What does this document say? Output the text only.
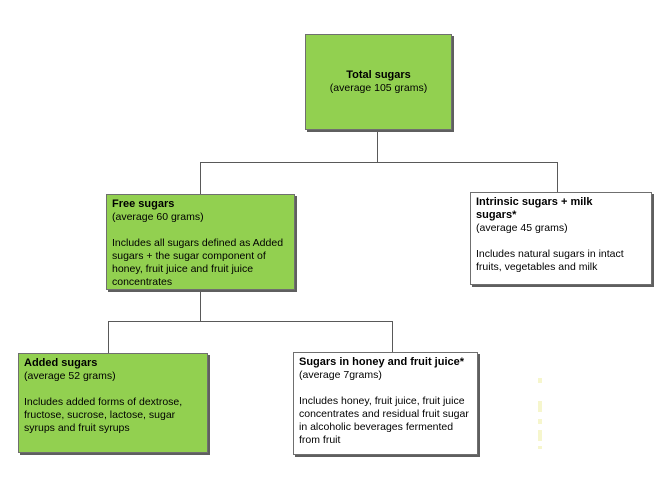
Total sugars
(average 105 grams)
Free sugars
(average 60 grams)
Includes all sugars defined as Added
sugars + the sugar component of
honey, fruit juice and fruit juice
concentrates
Intrinsic sugars + milk
sugars*
(average 45 grams)
Includes natural sugars in intact
fruits, vegetables and milk
Added sugars
(average 52 grams)
Includes added forms of dextrose,
fructose, sucrose, lactose, sugar
syrups and fruit syrups
Sugars in honey and fruit juice*
(average 7grams)
Includes honey, fruit juice, fruit juice
concentrates and residual fruit sugar
in alcoholic beverages fermented
from fruit
